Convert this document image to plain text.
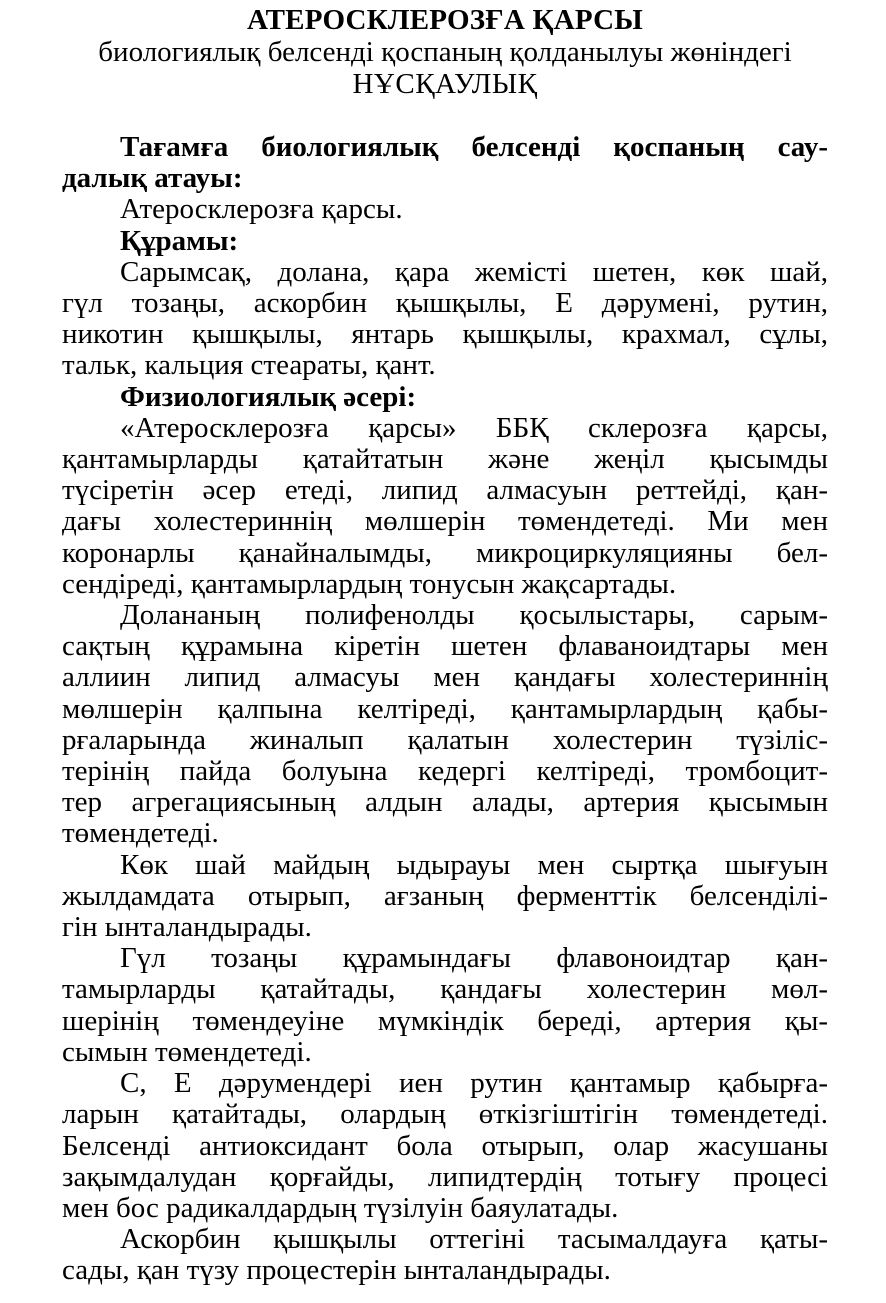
АТЕРОСКЛЕРОЗҒА ҚАРСЫ
биологиялық белсенді қоспаның қолданылуы жөніндегі
НҰСҚАУЛЫҚ
Тағамға биологиялық белсенді қоспаның сау-
далық атауы:
Атеросклерозға қарсы.
Құрамы:
Сарымсақ, долана, қара жемісті шетен, көк шай,
гүл тозаңы, аскорбин қышқылы, Е дәрумені, рутин,
никотин қышқылы, янтарь қышқылы, крахмал, сұлы,
тальк, кальция стеараты, қант.
Физиологиялық әсері:
«Атеросклерозға қарсы» ББҚ склерозға қарсы,
қантамырларды қатайтатын және жеңіл қысымды
түсіретін әсер етеді, липид алмасуын реттейді, қан-
дағы холестериннің мөлшерін төмендетеді. Ми мен
коронарлы қанайналымды, микроциркуляцияны бел-
сендіреді, қантамырлардың тонусын жақсартады.
Долананың полифенолды қосылыстары, сарым-
сақтың құрамына кіретін шетен флаваноидтары мен
аллиин липид алмасуы мен қандағы холестериннің
мөлшерін қалпына келтіреді, қантамырлардың қабы-
рғаларында жиналып қалатын холестерин түзіліс-
терінің пайда болуына кедергі келтіреді, тромбоцит-
тер агрегациясының алдын алады, артерия қысымын
төмендетеді.
Көк шай майдың ыдырауы мен сыртқа шығуын
жылдамдата отырып, ағзаның ферменттік белсенділі-
гін ынталандырады.
Гүл тозаңы құрамындағы флавоноидтар қан-
тамырларды қатайтады, қандағы холестерин мөл-
шерінің төмендеуіне мүмкіндік береді, артерия қы-
сымын төмендетеді.
С, Е дәрумендері иен рутин қантамыр қабырға-
ларын қатайтады, олардың өткізгіштігін төмендетеді.
Белсенді антиоксидант бола отырып, олар жасушаны
зақымдалудан қорғайды, липидтердің тотығу процесі
мен бос радикалдардың түзілуін баяулатады.
Аскорбин қышқылы оттегіні тасымалдауға қаты-
сады, қан түзу процестерін ынталандырады.
